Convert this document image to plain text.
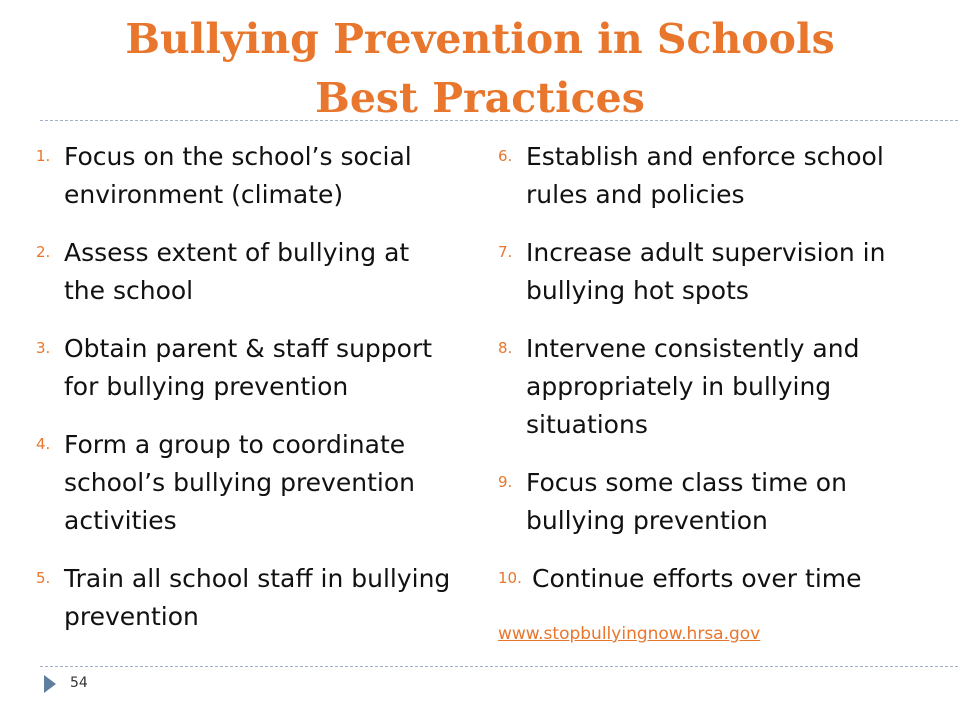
Bullying Prevention in Schools
Best Practices
1. Focus on the school’s social environment (climate)
2. Assess extent of bullying at the school
3. Obtain parent & staff support for bullying prevention
4. Form a group to coordinate school’s bullying prevention activities
5. Train all school staff in bullying prevention
6. Establish and enforce school rules and policies
7. Increase adult supervision in bullying hot spots
8. Intervene consistently and appropriately in bullying situations
9. Focus some class time on bullying prevention
10. Continue efforts over time
www.stopbullyingnow.hrsa.gov
54
